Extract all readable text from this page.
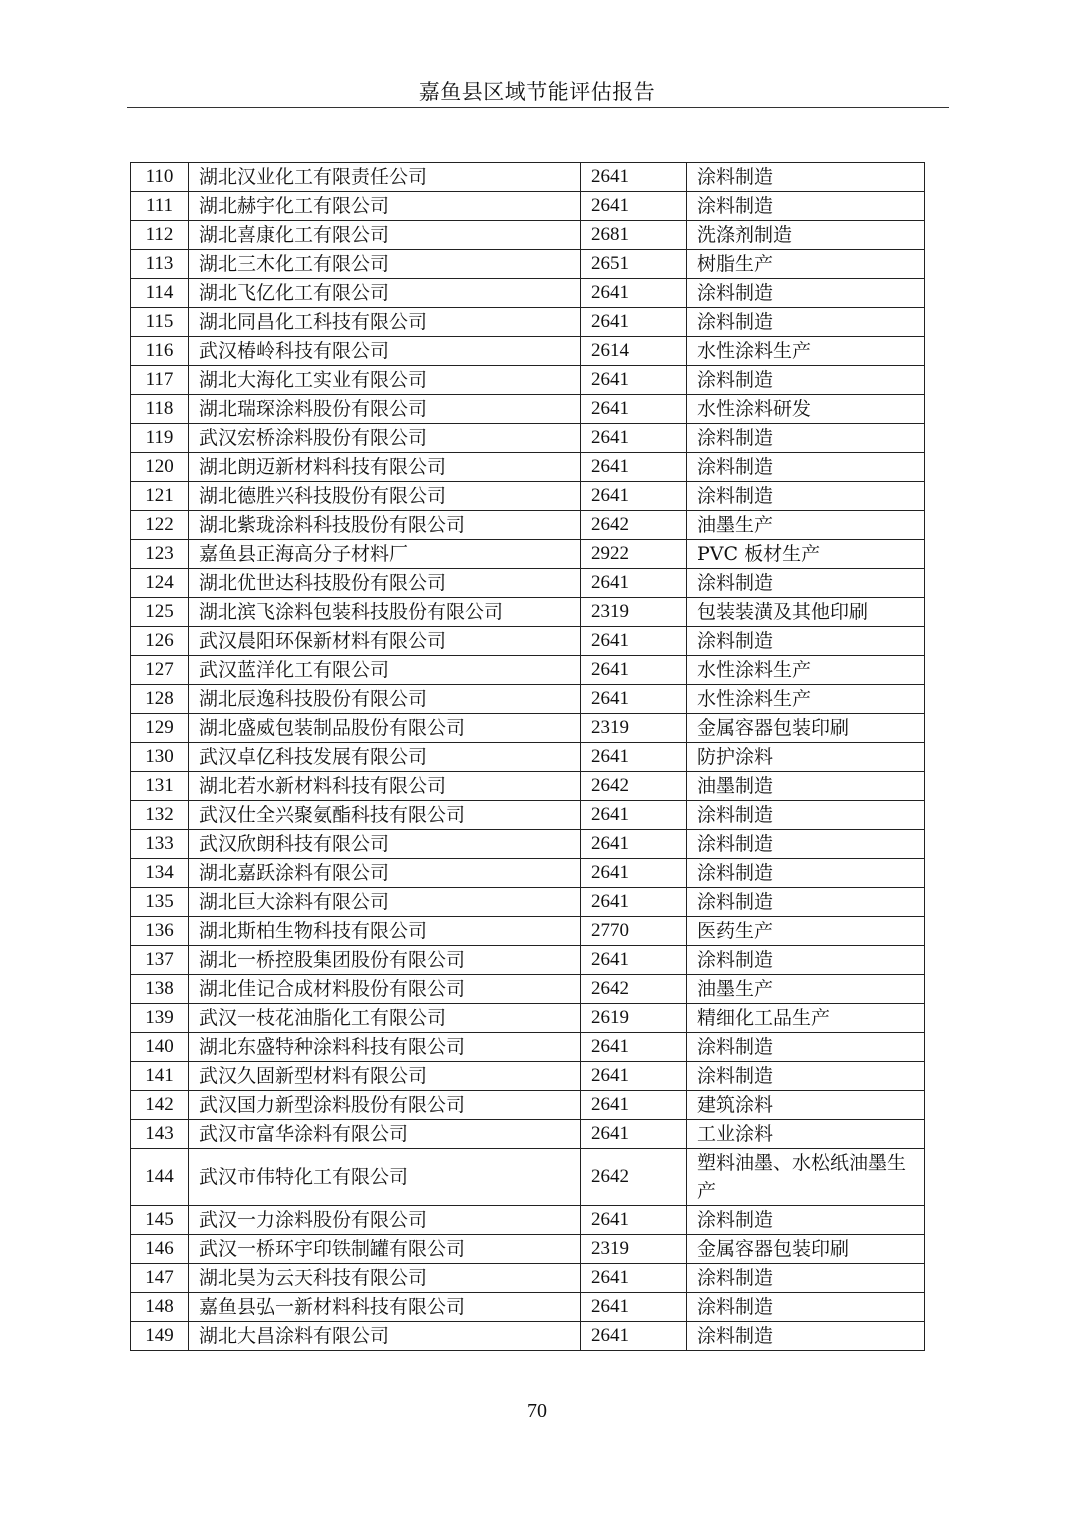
嘉鱼县区域节能评估报告
110	湖北汉业化工有限责任公司	2641	涂料制造
111	湖北赫宇化工有限公司	2641	涂料制造
112	湖北喜康化工有限公司	2681	洗涤剂制造
113	湖北三木化工有限公司	2651	树脂生产
114	湖北飞亿化工有限公司	2641	涂料制造
115	湖北同昌化工科技有限公司	2641	涂料制造
116	武汉椿岭科技有限公司	2614	水性涂料生产
117	湖北大海化工实业有限公司	2641	涂料制造
118	湖北瑞琛涂料股份有限公司	2641	水性涂料研发
119	武汉宏桥涂料股份有限公司	2641	涂料制造
120	湖北朗迈新材料科技有限公司	2641	涂料制造
121	湖北德胜兴科技股份有限公司	2641	涂料制造
122	湖北紫珑涂料科技股份有限公司	2642	油墨生产
123	嘉鱼县正海高分子材料厂	2922	PVC 板材生产
124	湖北优世达科技股份有限公司	2641	涂料制造
125	湖北滨飞涂料包装科技股份有限公司	2319	包装装潢及其他印刷
126	武汉晨阳环保新材料有限公司	2641	涂料制造
127	武汉蓝洋化工有限公司	2641	水性涂料生产
128	湖北辰逸科技股份有限公司	2641	水性涂料生产
129	湖北盛威包装制品股份有限公司	2319	金属容器包装印刷
130	武汉卓亿科技发展有限公司	2641	防护涂料
131	湖北若水新材料科技有限公司	2642	油墨制造
132	武汉仕全兴聚氨酯科技有限公司	2641	涂料制造
133	武汉欣朗科技有限公司	2641	涂料制造
134	湖北嘉跃涂料有限公司	2641	涂料制造
135	湖北巨大涂料有限公司	2641	涂料制造
136	湖北斯柏生物科技有限公司	2770	医药生产
137	湖北一桥控股集团股份有限公司	2641	涂料制造
138	湖北佳记合成材料股份有限公司	2642	油墨生产
139	武汉一枝花油脂化工有限公司	2619	精细化工品生产
140	湖北东盛特种涂料科技有限公司	2641	涂料制造
141	武汉久固新型材料有限公司	2641	涂料制造
142	武汉国力新型涂料股份有限公司	2641	建筑涂料
143	武汉市富华涂料有限公司	2641	工业涂料
144	武汉市伟特化工有限公司	2642	塑料油墨、水松纸油墨生产
145	武汉一力涂料股份有限公司	2641	涂料制造
146	武汉一桥环宇印铁制罐有限公司	2319	金属容器包装印刷
147	湖北昊为云天科技有限公司	2641	涂料制造
148	嘉鱼县弘一新材料科技有限公司	2641	涂料制造
149	湖北大昌涂料有限公司	2641	涂料制造
70
